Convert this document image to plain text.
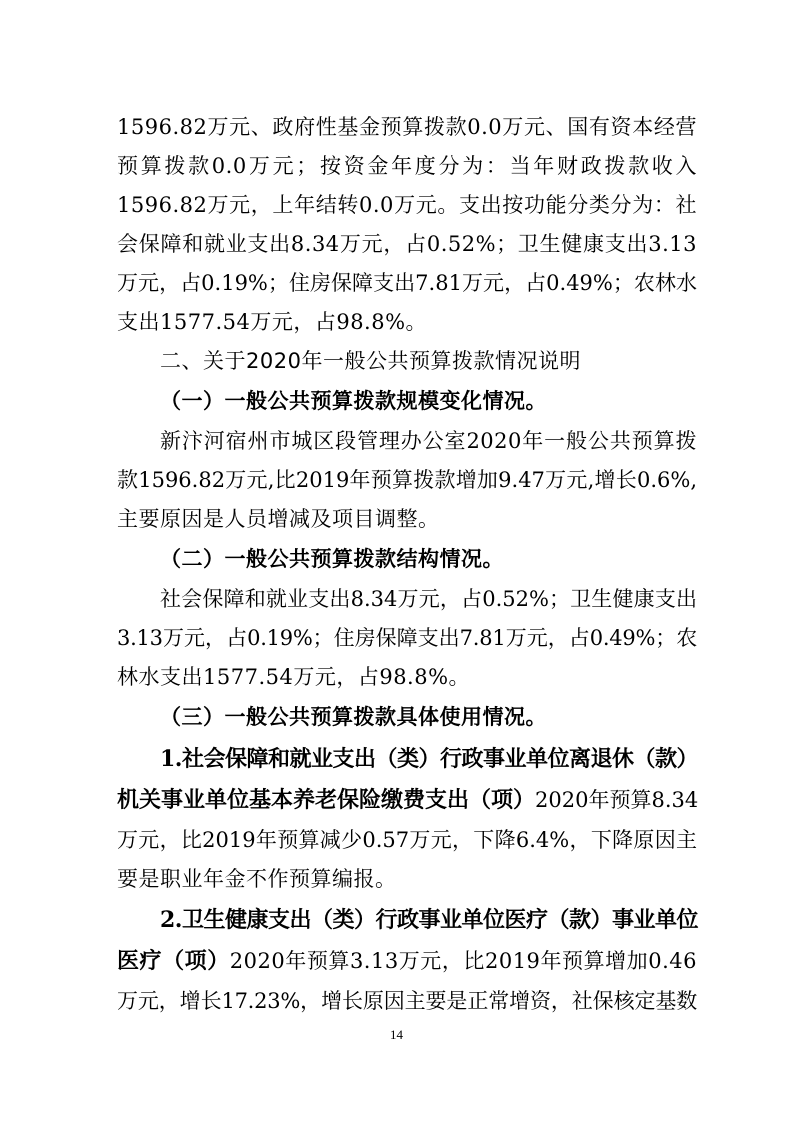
1596.82万元、政府性基金预算拨款0.0万元、国有资本经营
预算拨款0.0万元；按资金年度分为：当年财政拨款收入
1596.82万元，上年结转0.0万元。支出按功能分类分为：社
会保障和就业支出8.34万元，占0.52%；卫生健康支出3.13
万元，占0.19%；住房保障支出7.81万元，占0.49%；农林水
支出1577.54万元，占98.8%。
二、关于2020年一般公共预算拨款情况说明
（一）一般公共预算拨款规模变化情况。
新汴河宿州市城区段管理办公室2020年一般公共预算拨
款1596.82万元,比2019年预算拨款增加9.47万元,增长0.6%,
主要原因是人员增减及项目调整。
（二）一般公共预算拨款结构情况。
社会保障和就业支出8.34万元，占0.52%；卫生健康支出
3.13万元，占0.19%；住房保障支出7.81万元，占0.49%；农
林水支出1577.54万元，占98.8%。
（三）一般公共预算拨款具体使用情况。
1.社会保障和就业支出（类）行政事业单位离退休（款）
机关事业单位基本养老保险缴费支出（项）2020年预算8.34
万元，比2019年预算减少0.57万元，下降6.4%，下降原因主
要是职业年金不作预算编报。
2.卫生健康支出（类）行政事业单位医疗（款）事业单位
医疗（项）2020年预算3.13万元，比2019年预算增加0.46
万元，增长17.23%，增长原因主要是正常增资，社保核定基数
14
